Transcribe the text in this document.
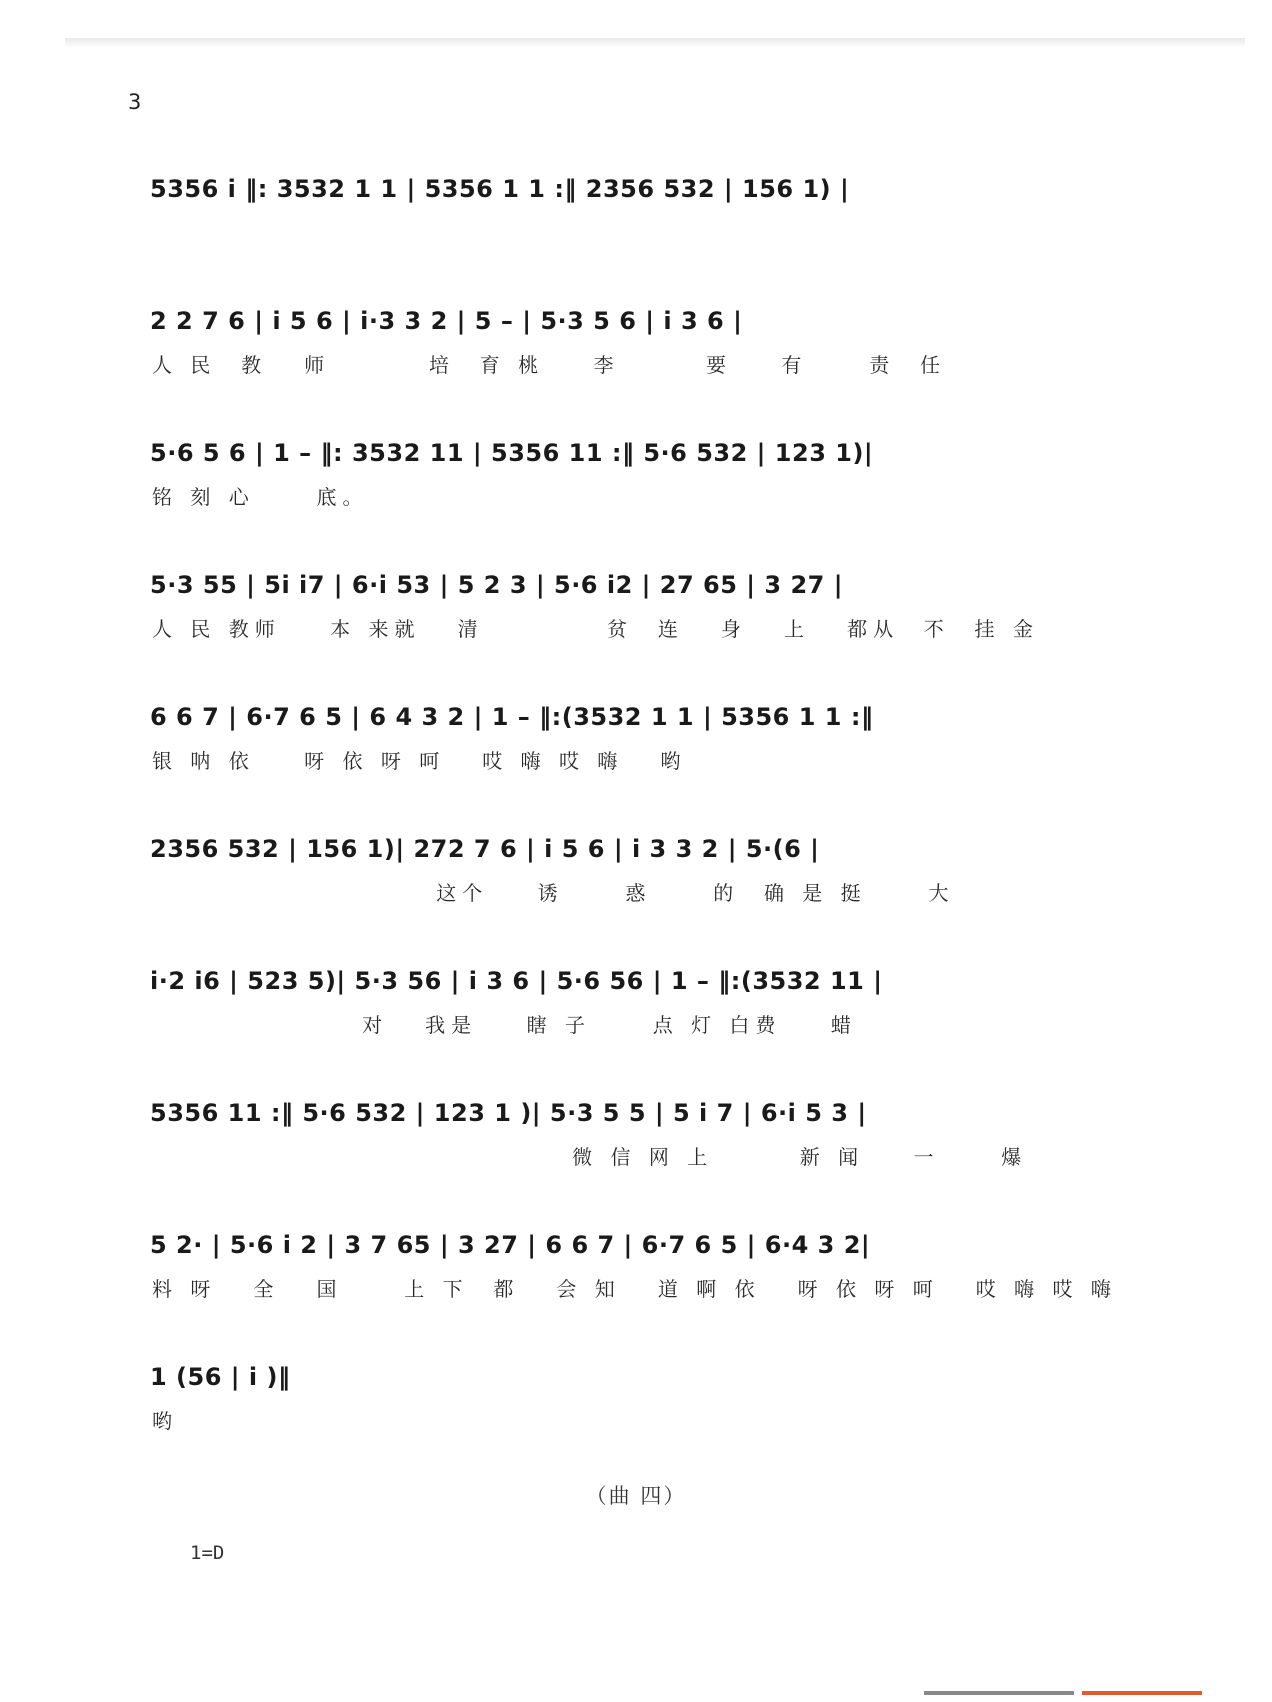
3
5356 i ‖: 3532 1 1 | 5356 1 1 :‖ 2356 532 | 156 1) |
2 2 7 6 | i 5 6 | i·3 3 2 | 5 – | 5·3 5 6 | i 3 6 |
人 民  教   师        培  育 桃    李       要    有     责  任
5·6 5 6 | 1 – ‖: 3532 11 | 5356 11 :‖ 5·6 532 | 123 1)|
铭 刻 心     底。
5·3 55 | 5i i7 | 6·i 53 | 5 2 3 | 5·6 i2 | 27 65 | 3 27 |
人 民 教师    本 来就   清          贫  连   身   上   都从  不  挂 金
6 6 7 | 6·7 6 5 | 6 4 3 2 | 1 – ‖:(3532 1 1 | 5356 1 1 :‖
银 呐 依    呀 依 呀 呵   哎 嗨 哎 嗨   哟
2356 532 | 156 1)| 272 7 6 | i 5 6 | i 3 3 2 | 5·(6 |
这个    诱     惑     的  确 是 挺     大
i·2 i6 | 523 5)| 5·3 56 | i 3 6 | 5·6 56 | 1 – ‖:(3532 11 |
对   我是    瞎 子     点 灯 白费    蜡
5356 11 :‖ 5·6 532 | 123 1 )| 5·3 5 5 | 5 i 7 | 6·i 5 3 |
微 信 网 上       新 闻    一     爆
5 2· | 5·6 i 2 | 3 7 65 | 3 27 | 6 6 7 | 6·7 6 5 | 6·4 3 2|
料 呀   全   国     上 下  都   会 知   道 啊 依   呀 依 呀 呵   哎 嗨 哎 嗨
1 (56 | i )‖
哟
（曲 四）
1=D
